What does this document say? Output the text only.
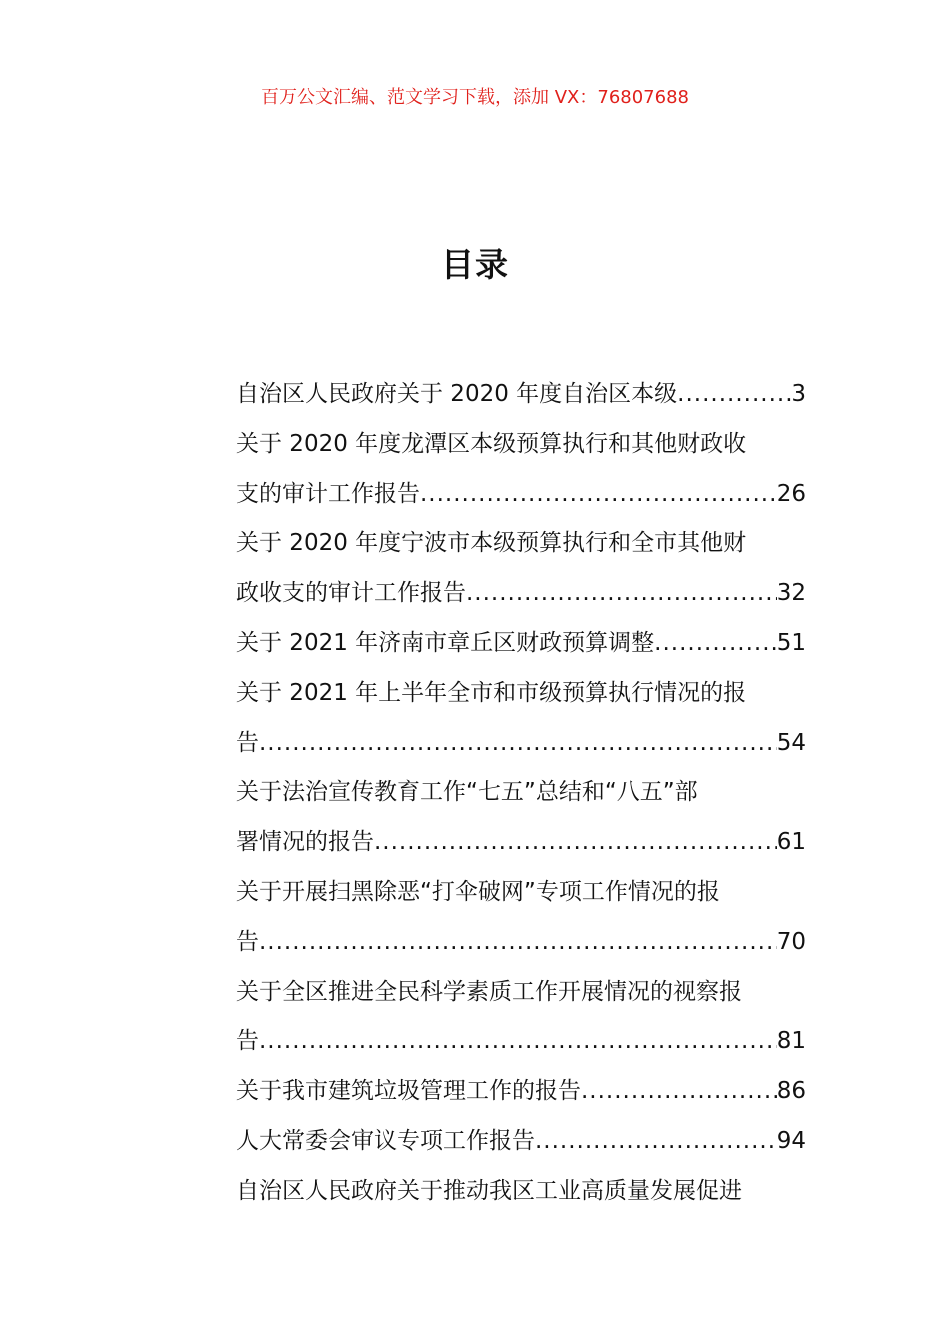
百万公文汇编、范文学习下载，添加 VX：76807688
目录
自治区人民政府关于 2020 年度自治区本级 .....	3
关于 2020 年度龙潭区本级预算执行和其他财政收
支的审计工作报告 .....	26
关于 2020 年度宁波市本级预算执行和全市其他财
政收支的审计工作报告 .....	32
关于 2021 年济南市章丘区财政预算调整 .....	51
关于 2021 年上半年全市和市级预算执行情况的报
告 .....	54
关于法治宣传教育工作“七五”总结和“八五”部
署情况的报告 .....	61
关于开展扫黑除恶“打伞破网”专项工作情况的报
告 .....	70
关于全区推进全民科学素质工作开展情况的视察报
告 .....	81
关于我市建筑垃圾管理工作的报告 .....	86
人大常委会审议专项工作报告 .....	94
自治区人民政府关于推动我区工业高质量发展促进
